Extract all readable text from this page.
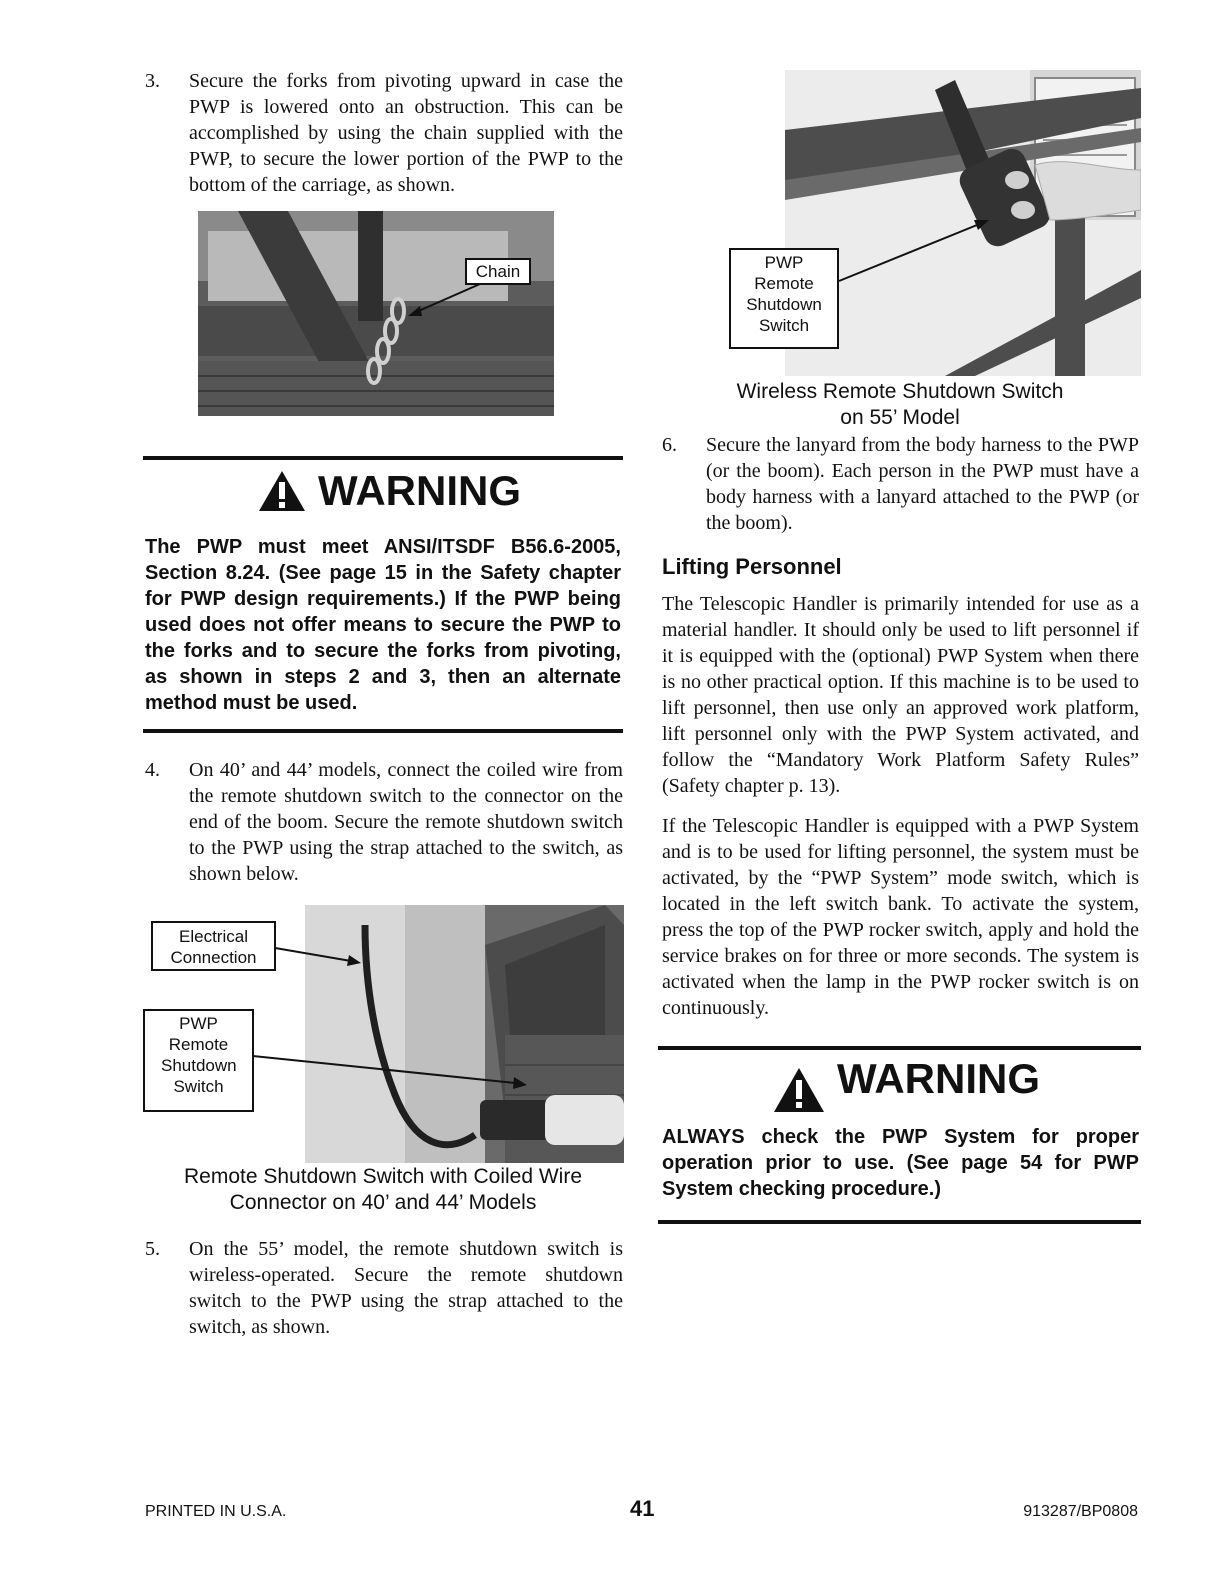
3. Secure the forks from pivoting upward in case the PWP is lowered onto an obstruction. This can be accomplished by using the chain supplied with the PWP, to secure the lower portion of the PWP to the bottom of the carriage, as shown.
Chain
WARNING
The PWP must meet ANSI/ITSDF B56.6-2005, Section 8.24. (See page 15 in the Safety chapter for PWP design requirements.) If the PWP being used does not offer means to secure the PWP to the forks and to secure the forks from pivoting, as shown in steps 2 and 3, then an alternate method must be used.
4. On 40’ and 44’ models, connect the coiled wire from the remote shutdown switch to the connector on the end of the boom. Secure the remote shutdown switch to the PWP using the strap attached to the switch, as shown below.
Electrical Connection
PWP Remote Shutdown Switch
Remote Shutdown Switch with Coiled Wire
Connector on 40’ and 44’ Models
5. On the 55’ model, the remote shutdown switch is wireless-operated. Secure the remote shutdown switch to the PWP using the strap attached to the switch, as shown.
PWP Remote Shutdown Switch
Wireless Remote Shutdown Switch
on 55’ Model
6. Secure the lanyard from the body harness to the PWP (or the boom). Each person in the PWP must have a body harness with a lanyard attached to the PWP (or the boom).
Lifting Personnel
The Telescopic Handler is primarily intended for use as a material handler. It should only be used to lift personnel if it is equipped with the (optional) PWP System when there is no other practical option. If this machine is to be used to lift personnel, then use only an approved work platform, lift personnel only with the PWP System activated, and follow the “Mandatory Work Platform Safety Rules” (Safety chapter p. 13).
If the Telescopic Handler is equipped with a PWP System and is to be used for lifting personnel, the system must be activated, by the “PWP System” mode switch, which is located in the left switch bank. To activate the system, press the top of the PWP rocker switch, apply and hold the service brakes on for three or more seconds. The system is activated when the lamp in the PWP rocker switch is on continuously.
WARNING
ALWAYS check the PWP System for proper operation prior to use. (See page 54 for PWP System checking procedure.)
PRINTED IN U.S.A.	41	913287/BP0808
